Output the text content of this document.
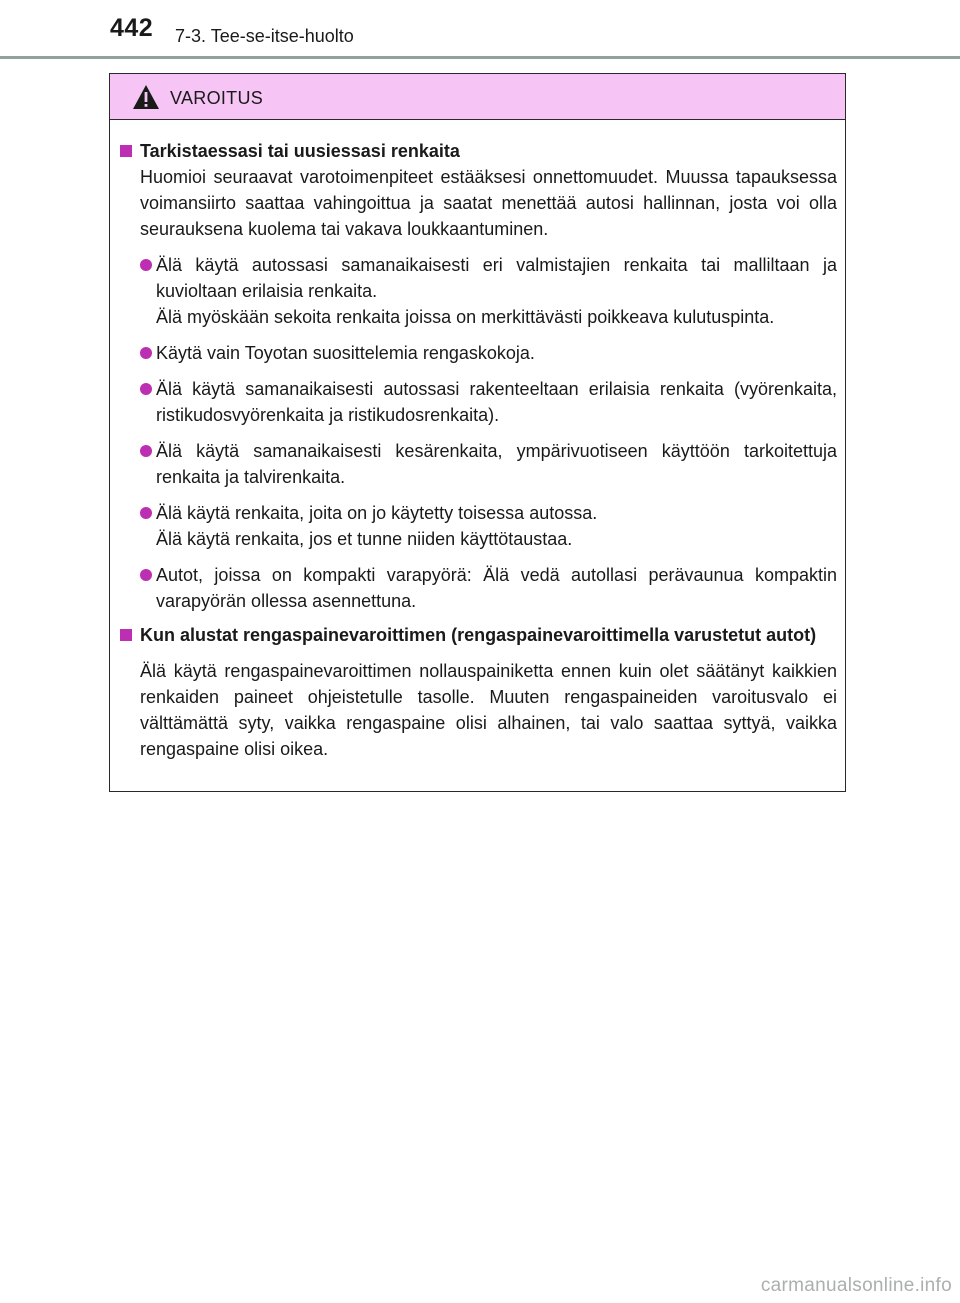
442 7-3. Tee-se-itse-huolto
VAROITUS
Tarkistaessasi tai uusiessasi renkaita
Huomioi seuraavat varotoimenpiteet estääksesi onnettomuudet. Muussa tapauksessa voimansiirto saattaa vahingoittua ja saatat menettää autosi hallinnan, josta voi olla seurauksena kuolema tai vakava loukkaantuminen.
Älä käytä autossasi samanaikaisesti eri valmistajien renkaita tai malliltaan ja kuvioltaan erilaisia renkaita.
Älä myöskään sekoita renkaita joissa on merkittävästi poikkeava kulutuspinta.
Käytä vain Toyotan suosittelemia rengaskokoja.
Älä käytä samanaikaisesti autossasi rakenteeltaan erilaisia renkaita (vyörenkaita, ristikudosvyörenkaita ja ristikudosrenkaita).
Älä käytä samanaikaisesti kesärenkaita, ympärivuotiseen käyttöön tarkoitettuja renkaita ja talvirenkaita.
Älä käytä renkaita, joita on jo käytetty toisessa autossa.
Älä käytä renkaita, jos et tunne niiden käyttötaustaa.
Autot, joissa on kompakti varapyörä: Älä vedä autollasi perävaunua kompaktin varapyörän ollessa asennettuna.
Kun alustat rengaspainevaroittimen (rengaspainevaroittimella varustetut autot)
Älä käytä rengaspainevaroittimen nollauspainiketta ennen kuin olet säätänyt kaikkien renkaiden paineet ohjeistetulle tasolle. Muuten rengaspaineiden varoitusvalo ei välttämättä syty, vaikka rengaspaine olisi alhainen, tai valo saattaa syttyä, vaikka rengaspaine olisi oikea.
carmanualsonline.info
